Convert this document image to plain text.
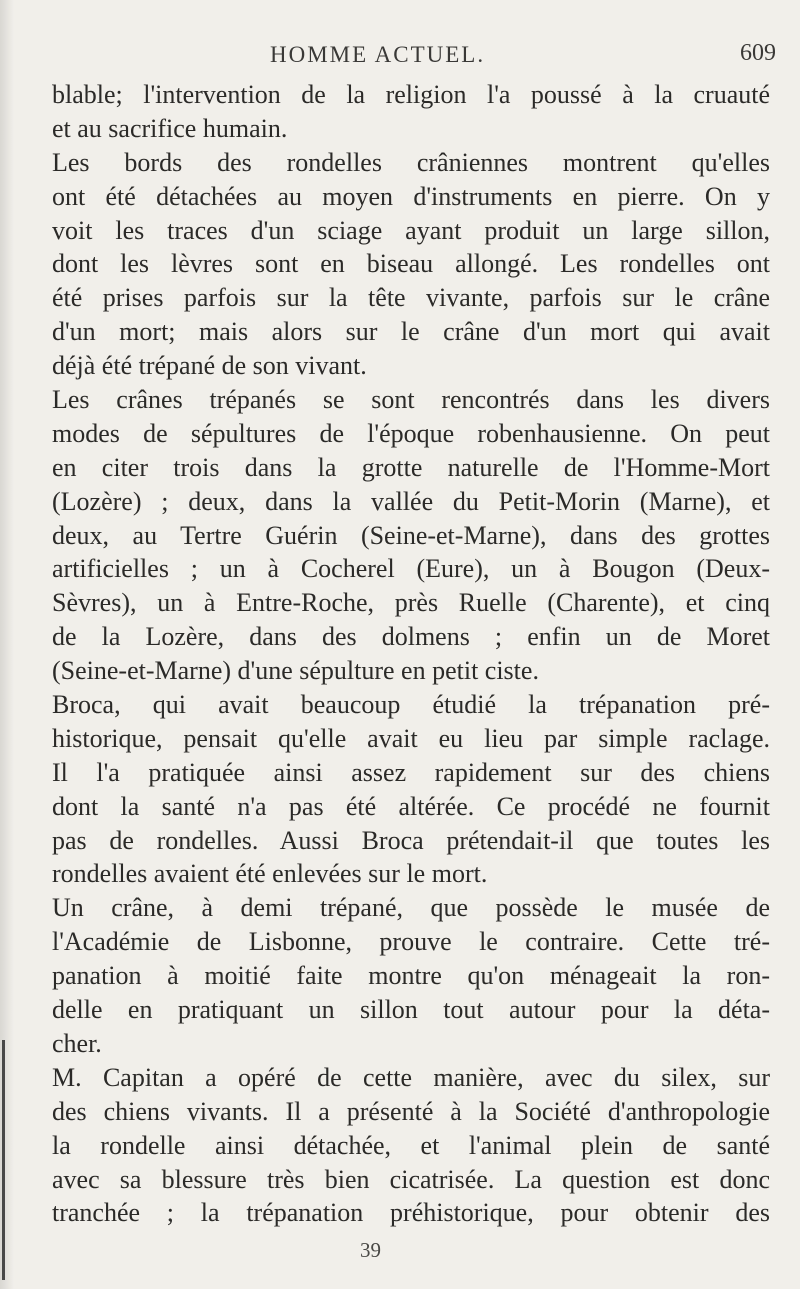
HOMME ACTUEL.	609
blable; l'intervention de la religion l'a poussé à la cruauté
et au sacrifice humain.
Les bords des rondelles crâniennes montrent qu'elles
ont été détachées au moyen d'instruments en pierre. On y
voit les traces d'un sciage ayant produit un large sillon,
dont les lèvres sont en biseau allongé. Les rondelles ont
été prises parfois sur la tête vivante, parfois sur le crâne
d'un mort; mais alors sur le crâne d'un mort qui avait
déjà été trépané de son vivant.
Les crânes trépanés se sont rencontrés dans les divers
modes de sépultures de l'époque robenhausienne. On peut
en citer trois dans la grotte naturelle de l'Homme-Mort
(Lozère) ; deux, dans la vallée du Petit-Morin (Marne), et
deux, au Tertre Guérin (Seine-et-Marne), dans des grottes
artificielles ; un à Cocherel (Eure), un à Bougon (Deux-
Sèvres), un à Entre-Roche, près Ruelle (Charente), et cinq
de la Lozère, dans des dolmens ; enfin un de Moret
(Seine-et-Marne) d'une sépulture en petit ciste.
Broca, qui avait beaucoup étudié la trépanation pré-
historique, pensait qu'elle avait eu lieu par simple raclage.
Il l'a pratiquée ainsi assez rapidement sur des chiens
dont la santé n'a pas été altérée. Ce procédé ne fournit
pas de rondelles. Aussi Broca prétendait-il que toutes les
rondelles avaient été enlevées sur le mort.
Un crâne, à demi trépané, que possède le musée de
l'Académie de Lisbonne, prouve le contraire. Cette tré-
panation à moitié faite montre qu'on ménageait la ron-
delle en pratiquant un sillon tout autour pour la déta-
cher.
M. Capitan a opéré de cette manière, avec du silex, sur
des chiens vivants. Il a présenté à la Société d'anthropologie
la rondelle ainsi détachée, et l'animal plein de santé
avec sa blessure très bien cicatrisée. La question est donc
tranchée ; la trépanation préhistorique, pour obtenir des
39
